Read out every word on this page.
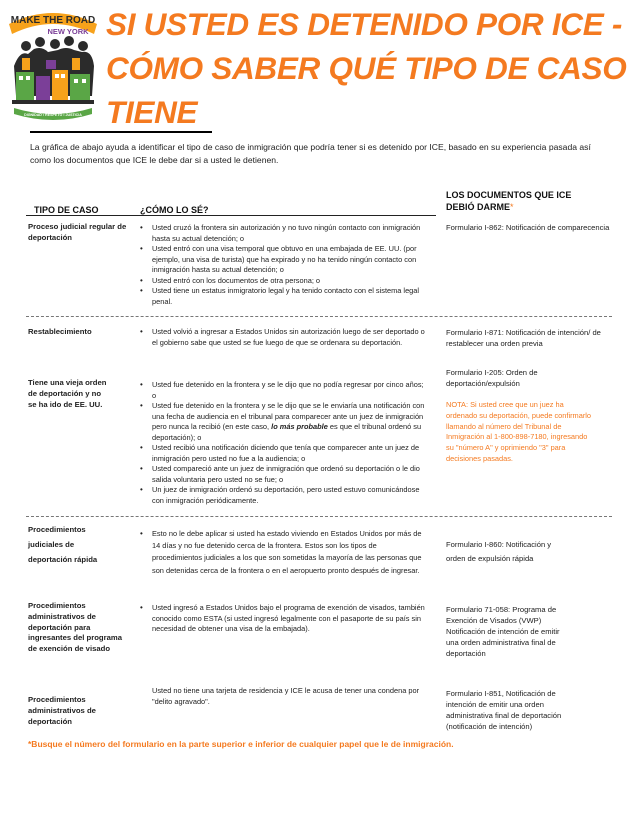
MAKE THE ROAD
NEW YORK
DIGNIDAD • RESPETO • JUSTICIA
SI USTED ES DETENIDO POR ICE - CÓMO SABER QUÉ TIPO DE CASO TIENE

La gráfica de abajo ayuda a identificar el tipo de caso de inmigración que podría tener si es detenido por ICE, basado en su experiencia pasada así como los documentos que ICE le debe dar si a usted le detienen.

TIPO DE CASO	¿CÓMO LO SÉ?
LOS DOCUMENTOS QUE ICE DEBIÓ DARME*
Proceso judicial regular de deportación
• Usted cruzó la frontera sin autorización y no tuvo ningún contacto con inmigración hasta su actual detención; o
• Usted entró con una visa temporal que obtuvo en una embajada de EE. UU. (por ejemplo, una visa de turista) que ha expirado y no ha tenido ningún contacto con inmigración hasta su actual detención; o
• Usted entró con los documentos de otra persona; o
• Usted tiene un estatus inmigratorio legal y ha tenido contacto con el sistema legal penal.
Formulario I-862: Notificación de comparecencia
Restablecimiento
•	Usted volvió a ingresar a Estados Unidos sin autorización luego de ser deportado o el gobierno sabe que usted se fue luego de que se ordenara su deportación.
Formulario I-871: Notificación de intención/ de restablecer una orden previa
Tiene una vieja orden de deportación y no se ha ido de EE. UU.
• Usted fue detenido en la frontera y se le dijo que no podía regresar por cinco años; o
• Usted fue detenido en la frontera y se le dijo que se le enviaría una notificación con una fecha de audiencia en el tribunal para comparecer ante un juez de inmigración pero nunca la recibió (en este caso, lo más probable es que el tribunal ordenó su deportación); o
• Usted recibió una notificación diciendo que tenía que comparecer ante un juez de inmigración pero usted no fue a la audiencia; o
• Usted compareció ante un juez de inmigración que ordenó su deportación o le dio salida voluntaria pero usted no se fue; o
• Un juez de inmigración ordenó su deportación, pero usted estuvo comunicándose con inmigración periódicamente.
Formulario I-205: Orden de deportación/expulsión
NOTA: Si usted cree que un juez ha ordenado su deportación, puede confirmarlo llamando al número del Tribunal de Inmigración al 1-800-898-7180, ingresando su "número A" y oprimiendo "3" para decisiones pasadas.
Procedimientos judiciales de deportación rápida
• Esto no le debe aplicar si usted ha estado viviendo en Estados Unidos por más de 14 días y no fue detenido cerca de la frontera. Estos son los tipos de procedimientos judiciales a los que son sometidas la mayoría de las personas que son detenidas cerca de la frontera o en el aeropuerto pronto después de ingresar.
Formulario I-860: Notificación y orden de expulsión rápida
Procedimientos administrativos de deportación para ingresantes del programa de exención de visado
• Usted ingresó a Estados Unidos bajo el programa de exención de visados, también conocido como ESTA (si usted ingresó legalmente con el pasaporte de su país sin necesidad de obtener una visa de la embajada).
Formulario 71-058: Programa de Exención de Visados (VWP) Notificación de intención de emitir una orden administrativa final de deportación
Procedimientos administrativos de deportación
Usted no tiene una tarjeta de residencia y ICE le acusa de tener una condena por "delito agravado".
Formulario I-851, Notificación de intención de emitir una orden administrativa final de deportación (notificación de intención)
*Busque el número del formulario en la parte superior e inferior de cualquier papel que le de inmigración.
